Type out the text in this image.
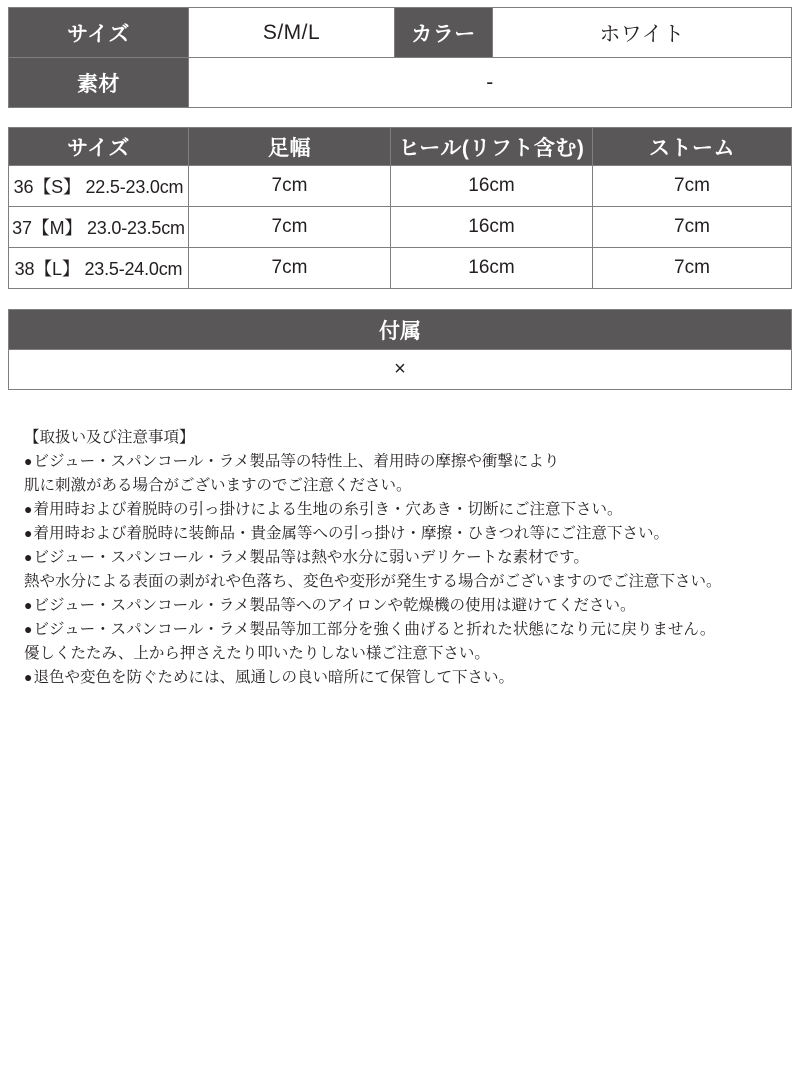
サイズ	S/M/L	カラー	ホワイト
素材	-		
サイズ	足幅	ヒール(リフト含む)	ストーム
36【S】 22.5-23.0cm	7cm	16cm	7cm
37【M】 23.0-23.5cm	7cm	16cm	7cm
38【L】 23.5-24.0cm	7cm	16cm	7cm
付属
×

【取扱い及び注意事項】

● ビジュー・スパンコール・ラメ製品等の特性上、着用時の摩擦や衝撃により

肌に刺激がある場合がございますのでご注意ください。

● 着用時および着脱時の引っ掛けによる生地の糸引き・穴あき・切断にご注意下さい。

● 着用時および着脱時に装飾品・貴金属等への引っ掛け・摩擦・ひきつれ等にご注意下さい。

● ビジュー・スパンコール・ラメ製品等は熱や水分に弱いデリケートな素材です。

熱や水分による表面の剥がれや色落ち、変色や変形が発生する場合がございますのでご注意下さい。

● ビジュー・スパンコール・ラメ製品等へのアイロンや乾燥機の使用は避けてください。

● ビジュー・スパンコール・ラメ製品等加工部分を強く曲げると折れた状態になり元に戻りません。

優しくたたみ、上から押さえたり叩いたりしない様ご注意下さい。

● 退色や変色を防ぐためには、風通しの良い暗所にて保管して下さい。
